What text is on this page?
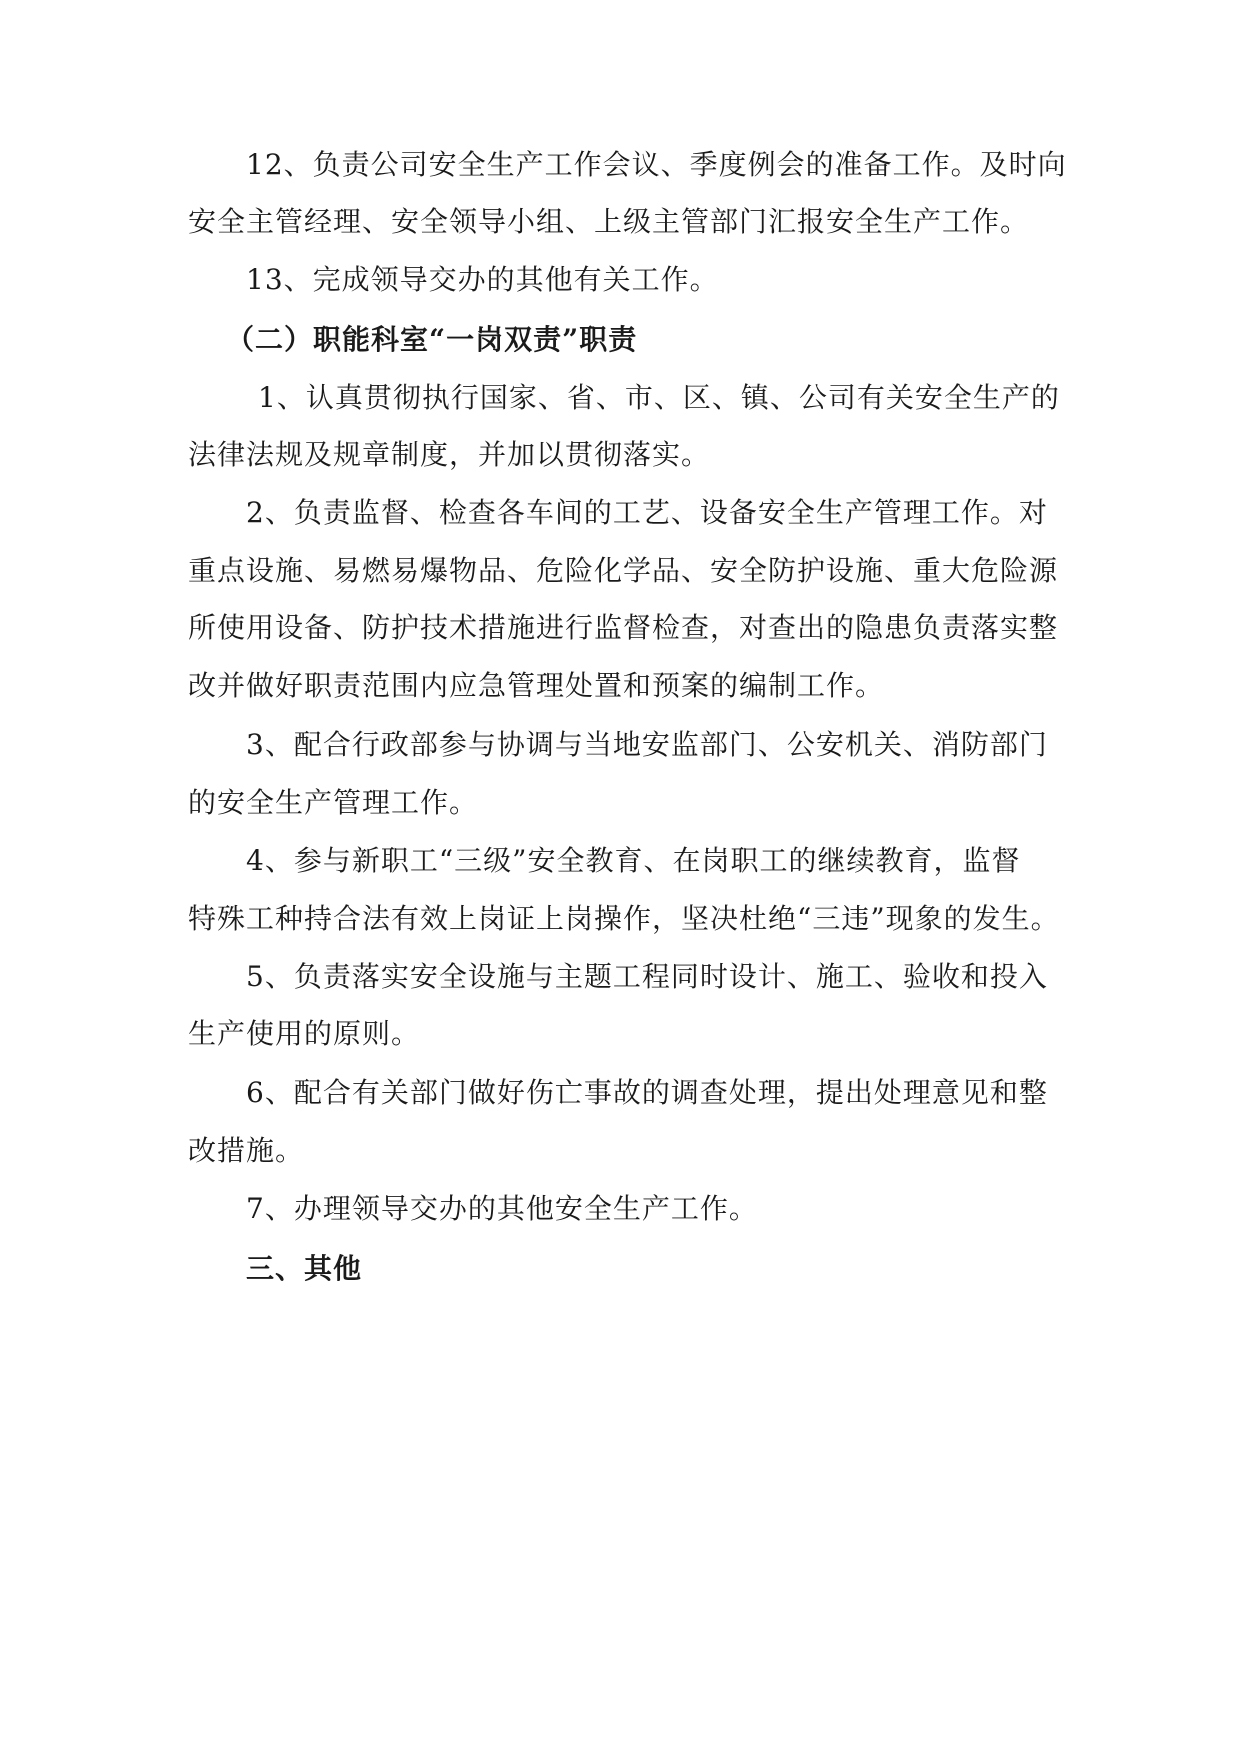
12、负责公司安全生产工作会议、季度例会的准备工作。及时向
安全主管经理、安全领导小组、上级主管部门汇报安全生产工作。
13、完成领导交办的其他有关工作。
（二）职能科室“一岗双责”职责
1、认真贯彻执行国家、省、市、区、镇、公司有关安全生产的
法律法规及规章制度，并加以贯彻落实。
2、负责监督、检查各车间的工艺、设备安全生产管理工作。对
重点设施、易燃易爆物品、危险化学品、安全防护设施、重大危险源
所使用设备、防护技术措施进行监督检查，对查出的隐患负责落实整
改并做好职责范围内应急管理处置和预案的编制工作。
3、配合行政部参与协调与当地安监部门、公安机关、消防部门
的安全生产管理工作。
4、参与新职工“三级”安全教育、在岗职工的继续教育，监督
特殊工种持合法有效上岗证上岗操作，坚决杜绝“三违”现象的发生。
5、负责落实安全设施与主题工程同时设计、施工、验收和投入
生产使用的原则。
6、配合有关部门做好伤亡事故的调查处理，提出处理意见和整
改措施。
7、办理领导交办的其他安全生产工作。
三、其他
